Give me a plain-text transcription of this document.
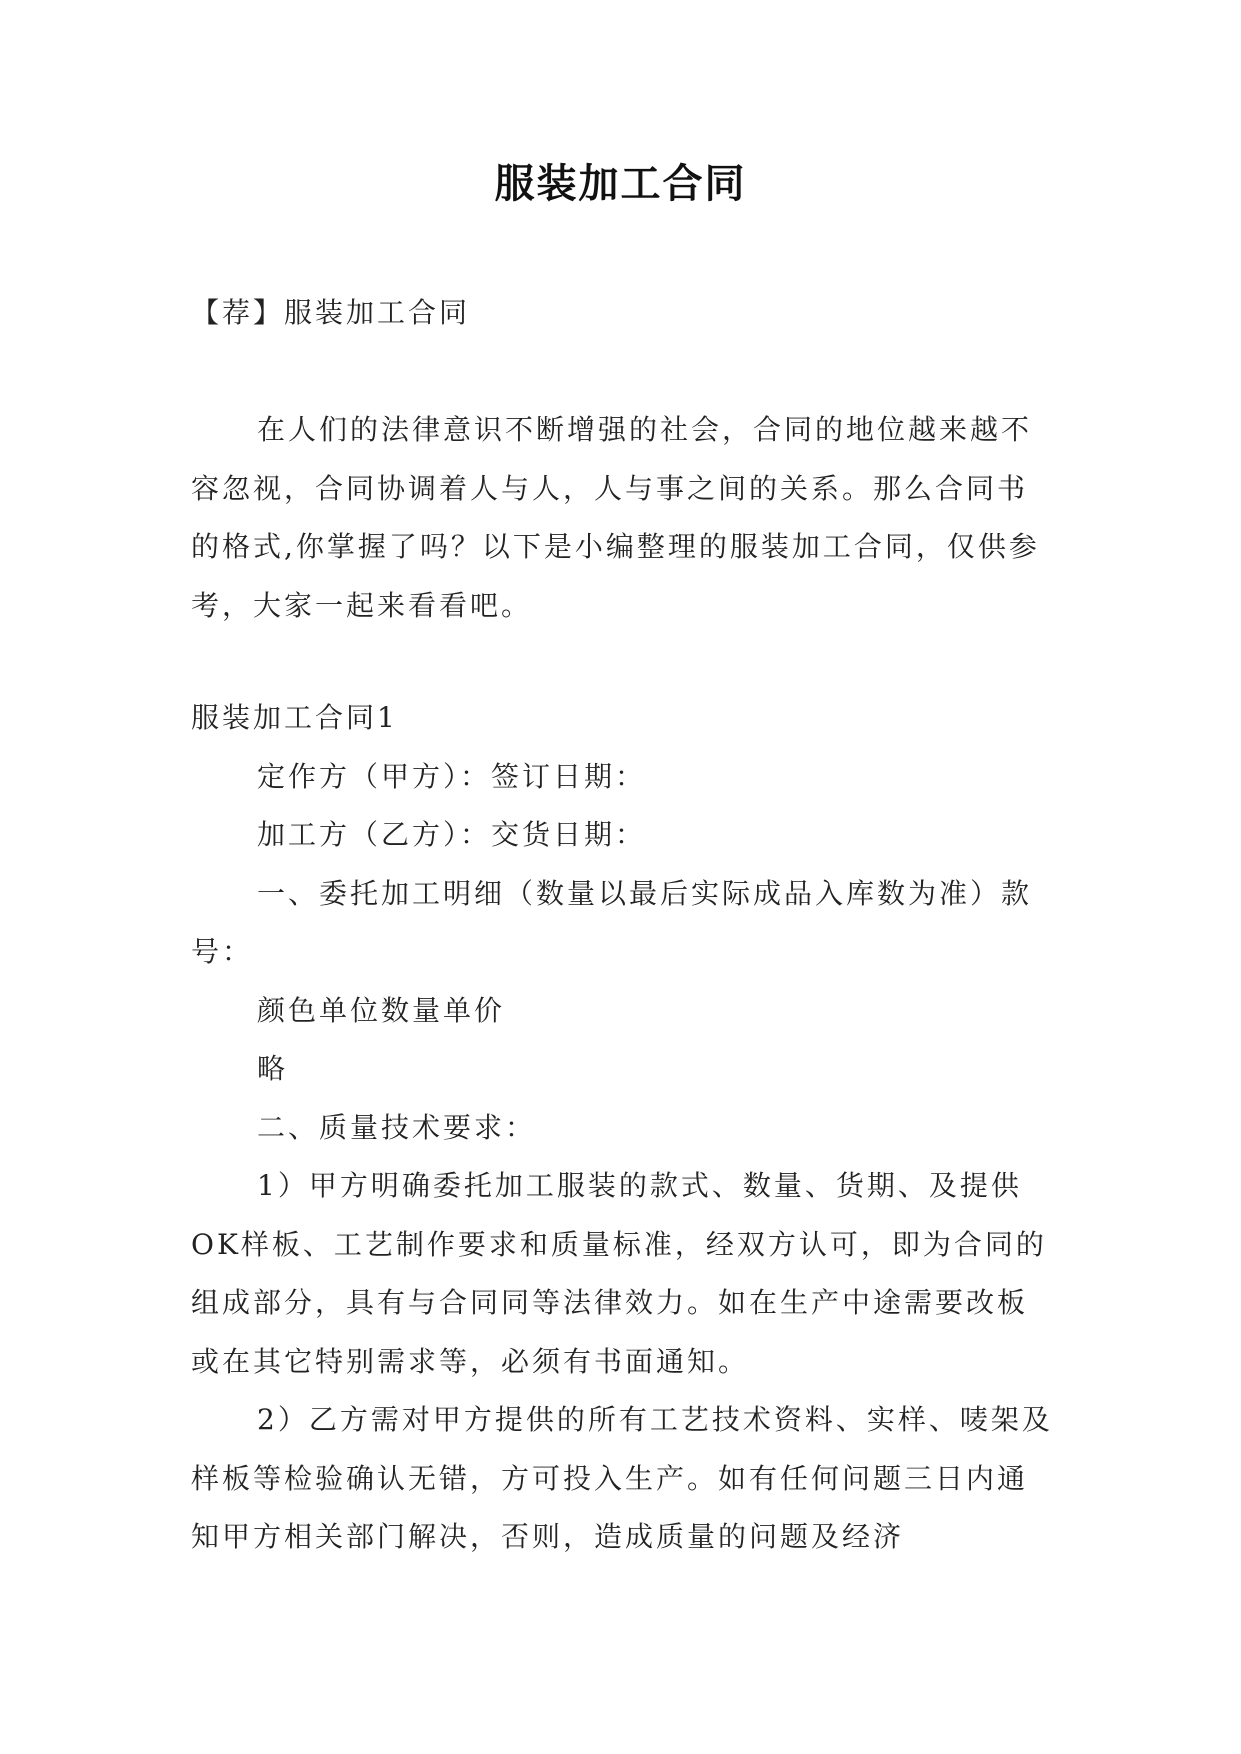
服装加工合同

【荐】服装加工合同

在人们的法律意识不断增强的社会，合同的地位越来越不容忽视，合同协调着人与人，人与事之间的关系。那么合同书的格式,你掌握了吗？以下是小编整理的服装加工合同，仅供参考，大家一起来看看吧。

服装加工合同1

定作方（甲方）：签订日期：

加工方（乙方）：交货日期：

一、委托加工明细（数量以最后实际成品入库数为准）款号：

颜色单位数量单价

略

二、质量技术要求：

1）甲方明确委托加工服装的款式、数量、货期、及提供OK样板、工艺制作要求和质量标准，经双方认可，即为合同的组成部分，具有与合同同等法律效力。如在生产中途需要改板或在其它特别需求等，必须有书面通知。

2）乙方需对甲方提供的所有工艺技术资料、实样、唛架及样板等检验确认无错，方可投入生产。如有任何问题三日内通知甲方相关部门解决，否则，造成质量的问题及经济
